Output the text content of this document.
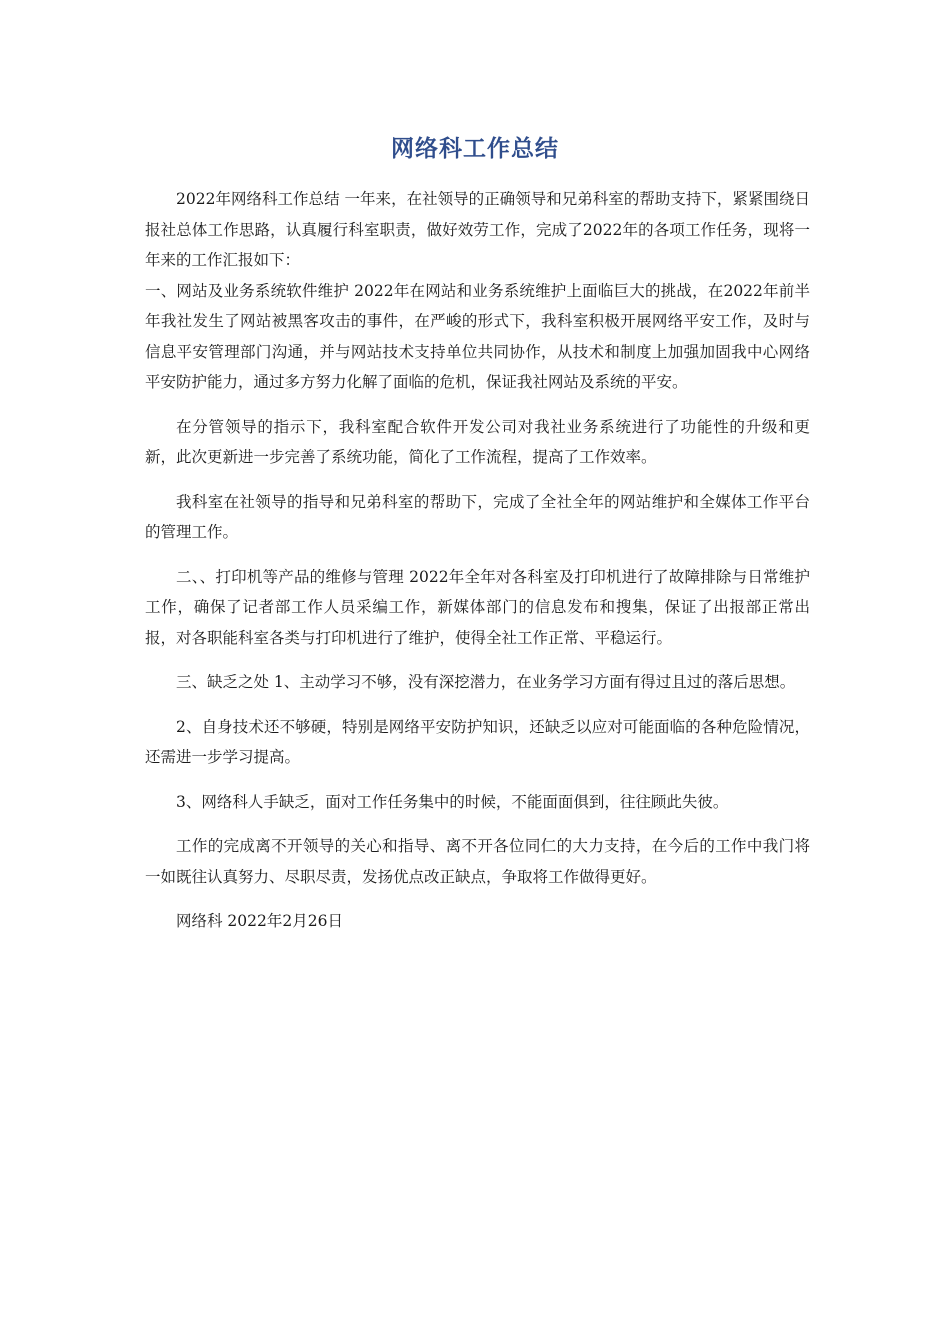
网络科工作总结

2022年网络科工作总结 一年来，在社领导的正确领导和兄弟科室的帮助支持下，紧紧围绕日报社总体工作思路，认真履行科室职责，做好效劳工作，完成了2022年的各项工作任务，现将一年来的工作汇报如下：

一、网站及业务系统软件维护 2022年在网站和业务系统维护上面临巨大的挑战，在2022年前半年我社发生了网站被黑客攻击的事件，在严峻的形式下，我科室积极开展网络平安工作，及时与信息平安管理部门沟通，并与网站技术支持单位共同协作，从技术和制度上加强加固我中心网络平安防护能力，通过多方努力化解了面临的危机，保证我社网站及系统的平安。

在分管领导的指示下，我科室配合软件开发公司对我社业务系统进行了功能性的升级和更新，此次更新进一步完善了系统功能，简化了工作流程，提高了工作效率。

我科室在社领导的指导和兄弟科室的帮助下，完成了全社全年的网站维护和全媒体工作平台的管理工作。

二、、打印机等产品的维修与管理 2022年全年对各科室及打印机进行了故障排除与日常维护工作，确保了记者部工作人员采编工作，新媒体部门的信息发布和搜集，保证了出报部正常出报，对各职能科室各类与打印机进行了维护，使得全社工作正常、平稳运行。

三、缺乏之处 1、主动学习不够，没有深挖潜力，在业务学习方面有得过且过的落后思想。

2、自身技术还不够硬，特别是网络平安防护知识，还缺乏以应对可能面临的各种危险情况，还需进一步学习提高。

3、网络科人手缺乏，面对工作任务集中的时候，不能面面俱到，往往顾此失彼。

工作的完成离不开领导的关心和指导、离不开各位同仁的大力支持，在今后的工作中我门将一如既往认真努力、尽职尽责，发扬优点改正缺点，争取将工作做得更好。

网络科 2022年2月26日
